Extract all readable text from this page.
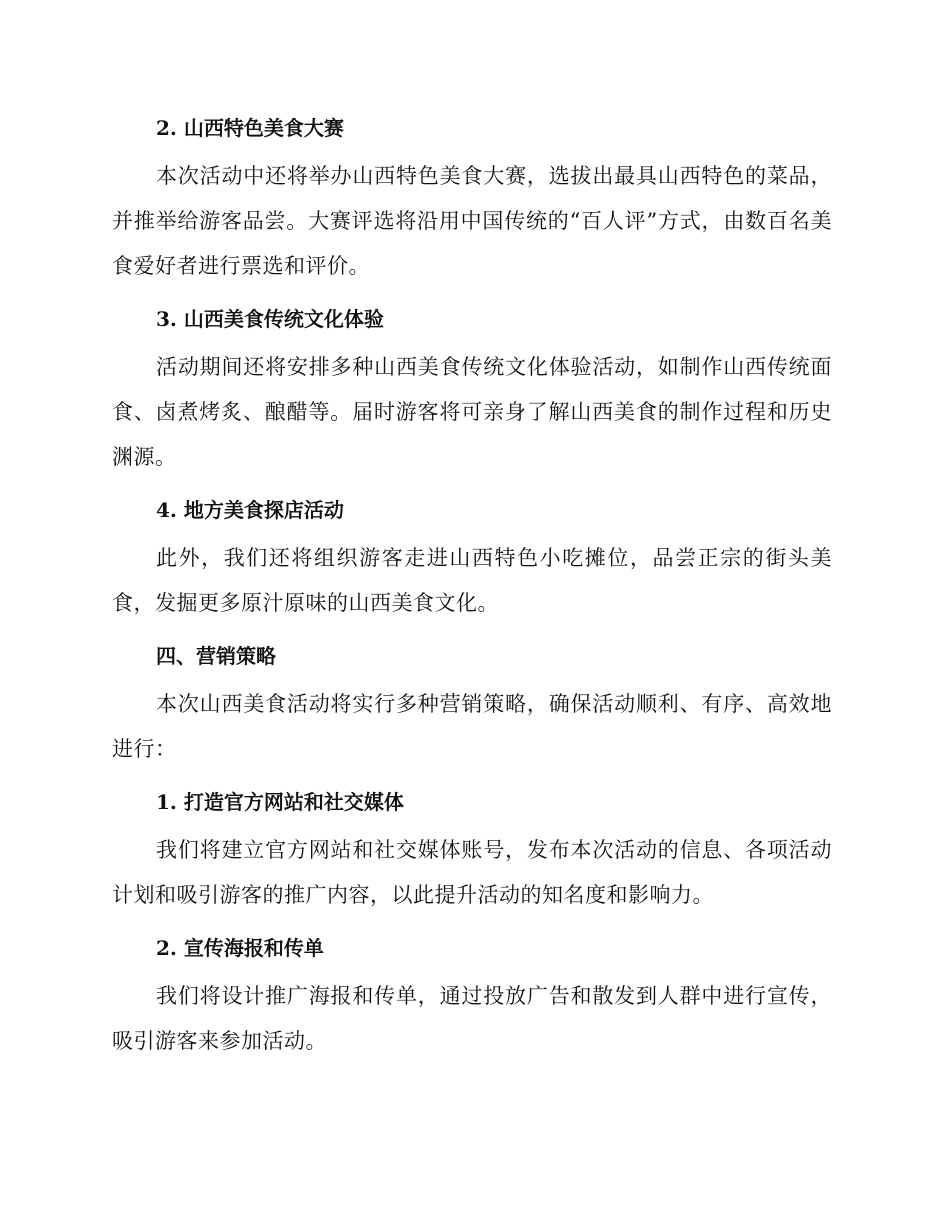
2. 山西特色美食大赛

本次活动中还将举办山西特色美食大赛，选拔出最具山西特色的菜品，并推举给游客品尝。大赛评选将沿用中国传统的“百人评”方式，由数百名美食爱好者进行票选和评价。

3. 山西美食传统文化体验

活动期间还将安排多种山西美食传统文化体验活动，如制作山西传统面食、卤煮烤炙、酿醋等。届时游客将可亲身了解山西美食的制作过程和历史渊源。

4. 地方美食探店活动

此外，我们还将组织游客走进山西特色小吃摊位，品尝正宗的街头美食，发掘更多原汁原味的山西美食文化。

四、营销策略

本次山西美食活动将实行多种营销策略，确保活动顺利、有序、高效地进行：

1. 打造官方网站和社交媒体

我们将建立官方网站和社交媒体账号，发布本次活动的信息、各项活动计划和吸引游客的推广内容，以此提升活动的知名度和影响力。

2. 宣传海报和传单

我们将设计推广海报和传单，通过投放广告和散发到人群中进行宣传，吸引游客来参加活动。
